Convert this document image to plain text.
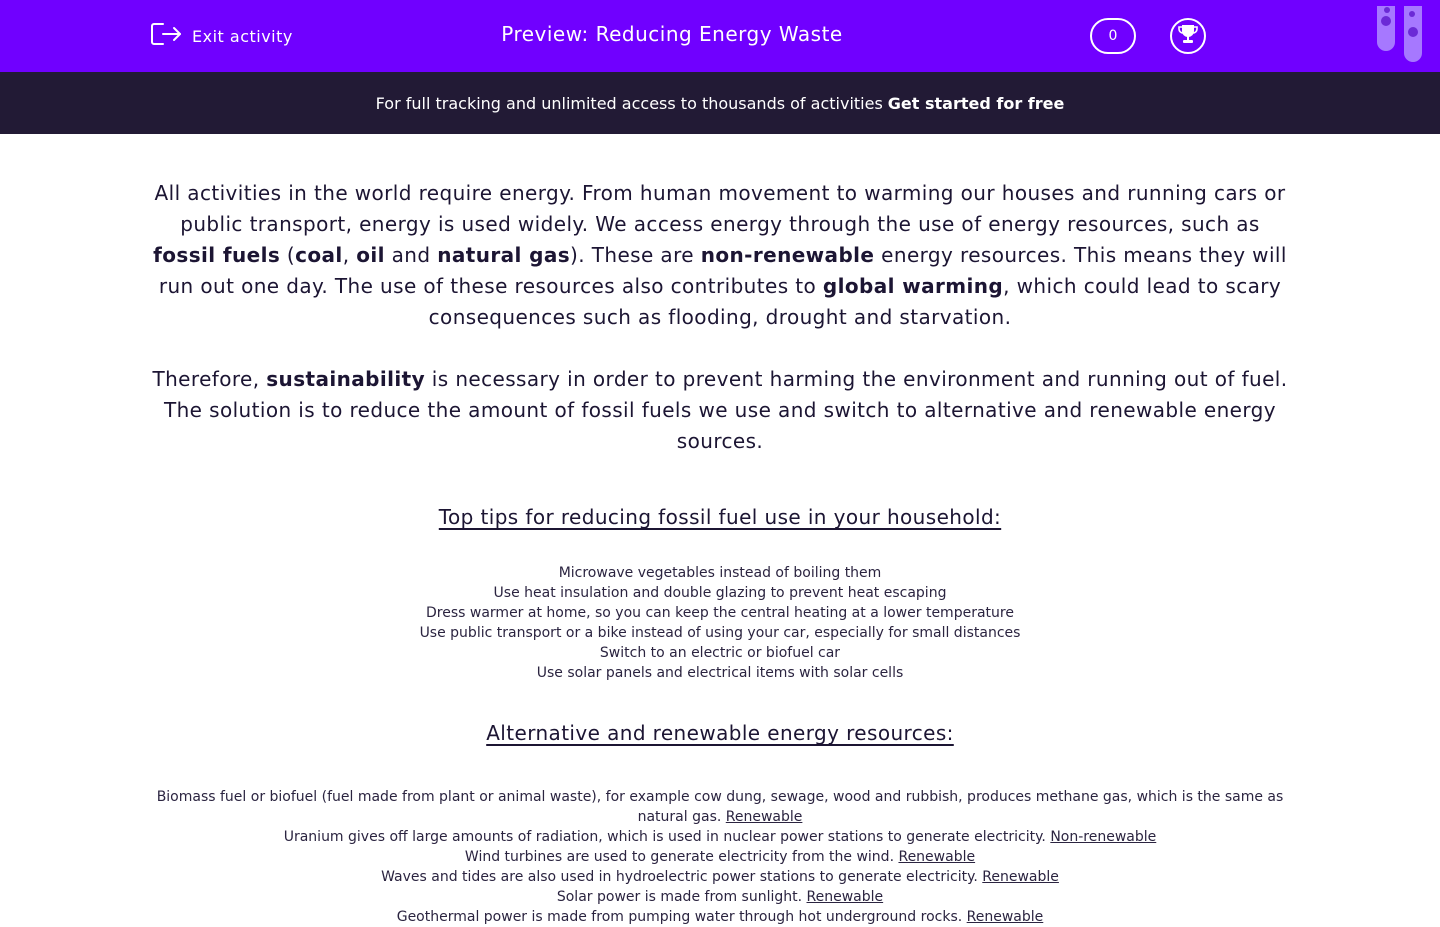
Exit activity	Preview: Reducing Energy Waste	0
For full tracking and unlimited access to thousands of activities Get started for free

All activities in the world require energy. From human movement to warming our houses and running cars or public transport, energy is used widely. We access energy through the use of energy resources, such as fossil fuels (coal, oil and natural gas). These are non-renewable energy resources. This means they will run out one day. The use of these resources also contributes to global warming, which could lead to scary consequences such as flooding, drought and starvation.

Therefore, sustainability is necessary in order to prevent harming the environment and running out of fuel. The solution is to reduce the amount of fossil fuels we use and switch to alternative and renewable energy sources.

Top tips for reducing fossil fuel use in your household:
Microwave vegetables instead of boiling them
Use heat insulation and double glazing to prevent heat escaping
Dress warmer at home, so you can keep the central heating at a lower temperature
Use public transport or a bike instead of using your car, especially for small distances
Switch to an electric or biofuel car
Use solar panels and electrical items with solar cells
Alternative and renewable energy resources:
Biomass fuel or biofuel (fuel made from plant or animal waste), for example cow dung, sewage, wood and rubbish, produces methane gas, which is the same as natural gas. Renewable
Uranium gives off large amounts of radiation, which is used in nuclear power stations to generate electricity. Non-renewable
Wind turbines are used to generate electricity from the wind. Renewable
Waves and tides are also used in hydroelectric power stations to generate electricity. Renewable
Solar power is made from sunlight. Renewable
Geothermal power is made from pumping water through hot underground rocks. Renewable
